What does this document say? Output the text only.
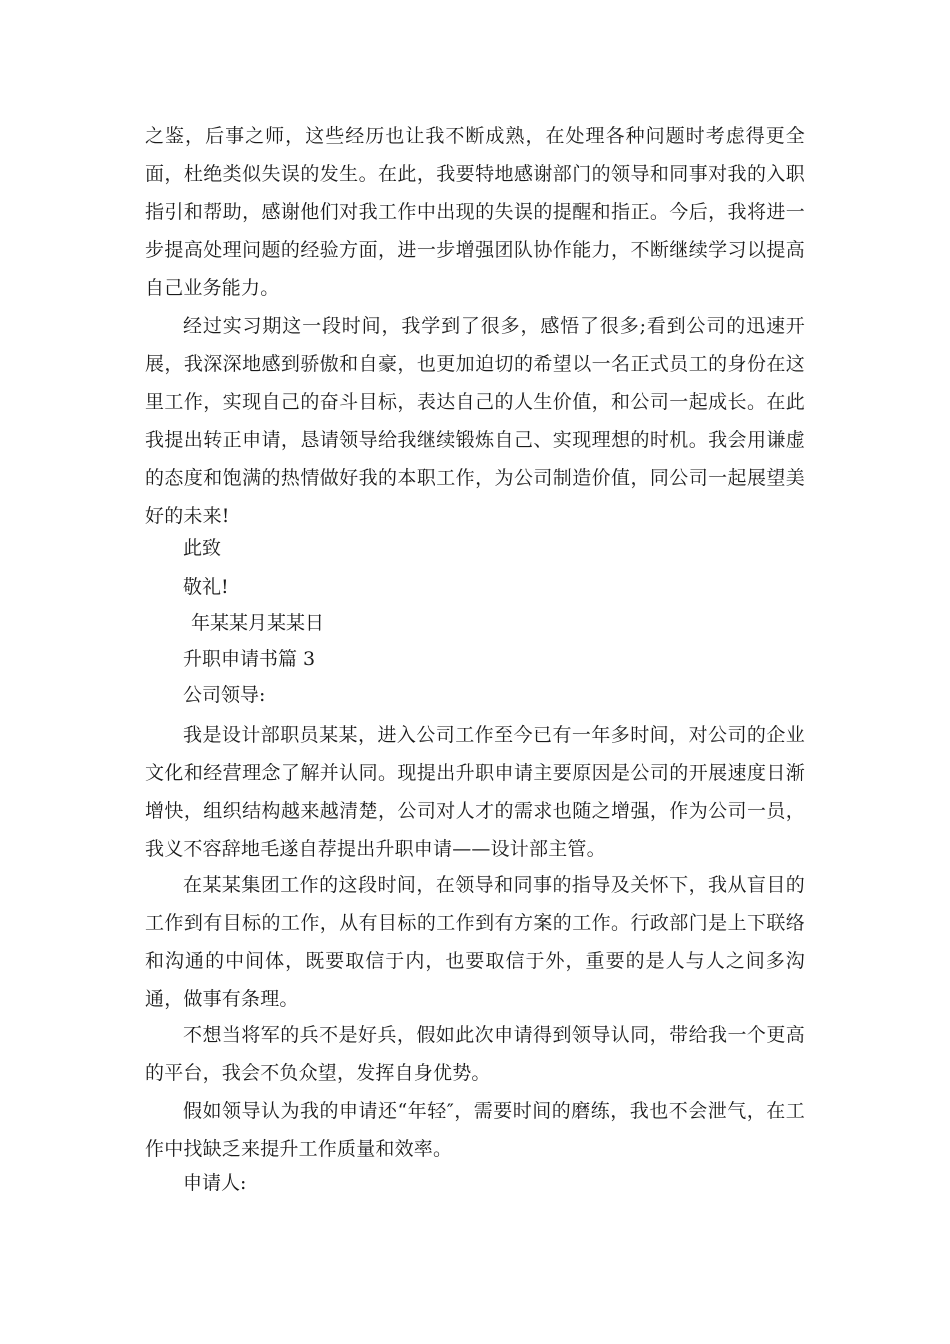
之鉴，后事之师，这些经历也让我不断成熟，在处理各种问题时考虑得更全面，杜绝类似失误的发生。在此，我要特地感谢部门的领导和同事对我的入职指引和帮助，感谢他们对我工作中出现的失误的提醒和指正。今后，我将进一步提高处理问题的经验方面，进一步增强团队协作能力，不断继续学习以提高自己业务能力。

经过实习期这一段时间，我学到了很多，感悟了很多;看到公司的迅速开展，我深深地感到骄傲和自豪，也更加迫切的希望以一名正式员工的身份在这里工作，实现自己的奋斗目标，表达自己的人生价值，和公司一起成长。在此我提出转正申请，恳请领导给我继续锻炼自己、实现理想的时机。我会用谦虚的态度和饱满的热情做好我的本职工作，为公司制造价值，同公司一起展望美好的未来!

此致

敬礼!

年某某月某某日

升职申请书篇 3

公司领导:

我是设计部职员某某，进入公司工作至今已有一年多时间，对公司的企业文化和经营理念了解并认同。现提出升职申请主要原因是公司的开展速度日渐增快，组织结构越来越清楚，公司对人才的需求也随之增强，作为公司一员，我义不容辞地毛遂自荐提出升职申请——设计部主管。

在某某集团工作的这段时间，在领导和同事的指导及关怀下，我从盲目的工作到有目标的工作，从有目标的工作到有方案的工作。行政部门是上下联络和沟通的中间体，既要取信于内，也要取信于外，重要的是人与人之间多沟通，做事有条理。

不想当将军的兵不是好兵，假如此次申请得到领导认同，带给我一个更高的平台，我会不负众望，发挥自身优势。

假如领导认为我的申请还“年轻″，需要时间的磨练，我也不会泄气，在工作中找缺乏来提升工作质量和效率。

申请人:
